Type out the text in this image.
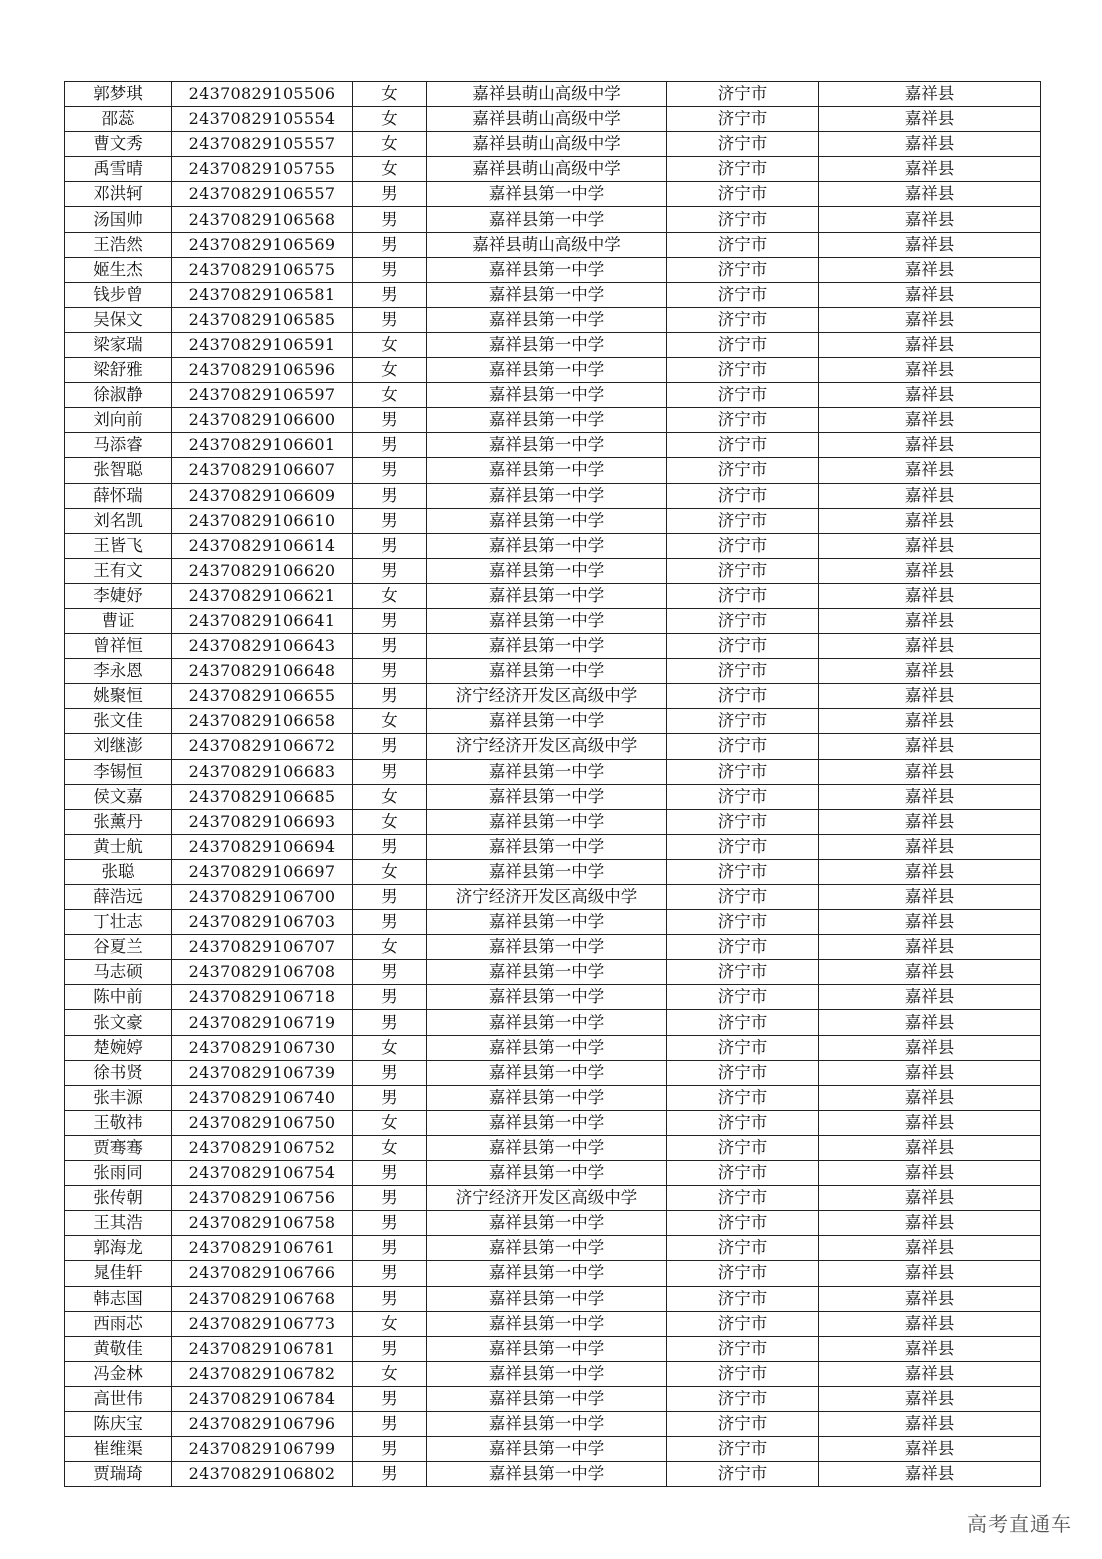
郭梦琪	24370829105506	女	嘉祥县萌山高级中学	济宁市	嘉祥县
邵蕊	24370829105554	女	嘉祥县萌山高级中学	济宁市	嘉祥县
曹文秀	24370829105557	女	嘉祥县萌山高级中学	济宁市	嘉祥县
禹雪晴	24370829105755	女	嘉祥县萌山高级中学	济宁市	嘉祥县
邓洪轲	24370829106557	男	嘉祥县第一中学	济宁市	嘉祥县
汤国帅	24370829106568	男	嘉祥县第一中学	济宁市	嘉祥县
王浩然	24370829106569	男	嘉祥县萌山高级中学	济宁市	嘉祥县
姬生杰	24370829106575	男	嘉祥县第一中学	济宁市	嘉祥县
钱步曾	24370829106581	男	嘉祥县第一中学	济宁市	嘉祥县
吴保文	24370829106585	男	嘉祥县第一中学	济宁市	嘉祥县
梁家瑞	24370829106591	女	嘉祥县第一中学	济宁市	嘉祥县
梁舒雅	24370829106596	女	嘉祥县第一中学	济宁市	嘉祥县
徐淑静	24370829106597	女	嘉祥县第一中学	济宁市	嘉祥县
刘向前	24370829106600	男	嘉祥县第一中学	济宁市	嘉祥县
马添睿	24370829106601	男	嘉祥县第一中学	济宁市	嘉祥县
张智聪	24370829106607	男	嘉祥县第一中学	济宁市	嘉祥县
薛怀瑞	24370829106609	男	嘉祥县第一中学	济宁市	嘉祥县
刘名凯	24370829106610	男	嘉祥县第一中学	济宁市	嘉祥县
王皆飞	24370829106614	男	嘉祥县第一中学	济宁市	嘉祥县
王有文	24370829106620	男	嘉祥县第一中学	济宁市	嘉祥县
李婕妤	24370829106621	女	嘉祥县第一中学	济宁市	嘉祥县
曹证	24370829106641	男	嘉祥县第一中学	济宁市	嘉祥县
曾祥恒	24370829106643	男	嘉祥县第一中学	济宁市	嘉祥县
李永恩	24370829106648	男	嘉祥县第一中学	济宁市	嘉祥县
姚聚恒	24370829106655	男	济宁经济开发区高级中学	济宁市	嘉祥县
张文佳	24370829106658	女	嘉祥县第一中学	济宁市	嘉祥县
刘继澎	24370829106672	男	济宁经济开发区高级中学	济宁市	嘉祥县
李锡恒	24370829106683	男	嘉祥县第一中学	济宁市	嘉祥县
侯文嘉	24370829106685	女	嘉祥县第一中学	济宁市	嘉祥县
张薰丹	24370829106693	女	嘉祥县第一中学	济宁市	嘉祥县
黄士航	24370829106694	男	嘉祥县第一中学	济宁市	嘉祥县
张聪	24370829106697	女	嘉祥县第一中学	济宁市	嘉祥县
薛浩远	24370829106700	男	济宁经济开发区高级中学	济宁市	嘉祥县
丁壮志	24370829106703	男	嘉祥县第一中学	济宁市	嘉祥县
谷夏兰	24370829106707	女	嘉祥县第一中学	济宁市	嘉祥县
马志硕	24370829106708	男	嘉祥县第一中学	济宁市	嘉祥县
陈中前	24370829106718	男	嘉祥县第一中学	济宁市	嘉祥县
张文豪	24370829106719	男	嘉祥县第一中学	济宁市	嘉祥县
楚婉婷	24370829106730	女	嘉祥县第一中学	济宁市	嘉祥县
徐书贤	24370829106739	男	嘉祥县第一中学	济宁市	嘉祥县
张丰源	24370829106740	男	嘉祥县第一中学	济宁市	嘉祥县
王敬祎	24370829106750	女	嘉祥县第一中学	济宁市	嘉祥县
贾骞骞	24370829106752	女	嘉祥县第一中学	济宁市	嘉祥县
张雨同	24370829106754	男	嘉祥县第一中学	济宁市	嘉祥县
张传朝	24370829106756	男	济宁经济开发区高级中学	济宁市	嘉祥县
王其浩	24370829106758	男	嘉祥县第一中学	济宁市	嘉祥县
郭海龙	24370829106761	男	嘉祥县第一中学	济宁市	嘉祥县
晁佳轩	24370829106766	男	嘉祥县第一中学	济宁市	嘉祥县
韩志国	24370829106768	男	嘉祥县第一中学	济宁市	嘉祥县
西雨芯	24370829106773	女	嘉祥县第一中学	济宁市	嘉祥县
黄敬佳	24370829106781	男	嘉祥县第一中学	济宁市	嘉祥县
冯金林	24370829106782	女	嘉祥县第一中学	济宁市	嘉祥县
高世伟	24370829106784	男	嘉祥县第一中学	济宁市	嘉祥县
陈庆宝	24370829106796	男	嘉祥县第一中学	济宁市	嘉祥县
崔维渠	24370829106799	男	嘉祥县第一中学	济宁市	嘉祥县
贾瑞琦	24370829106802	男	嘉祥县第一中学	济宁市	嘉祥县
高考直通车
